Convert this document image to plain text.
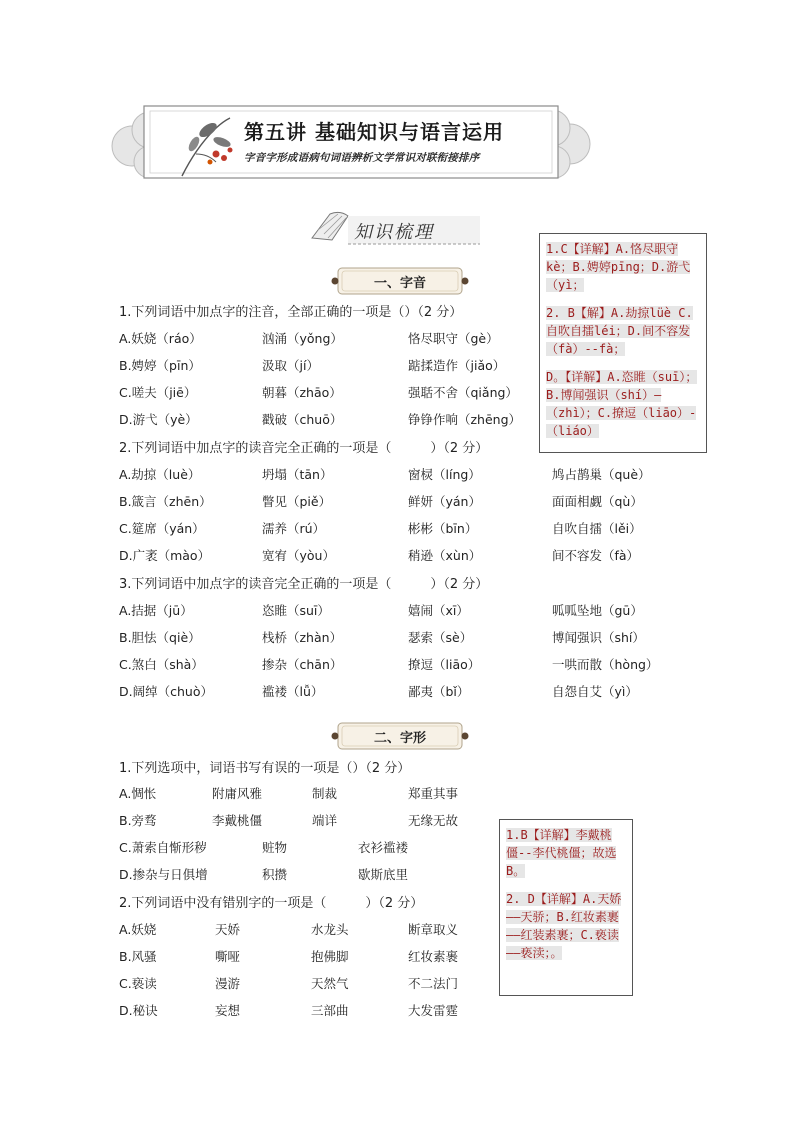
第五讲 基础知识与语言运用
字音字形成语病句词语辨析文学常识对联衔接排序
知识梳理
一、字音
1.下列词语中加点字的注音，全部正确的一项是（）（2 分）
A.妖娆（ráo）	汹涌（yǒng）	恪尽职守（gè）
B.娉婷（pīn）	汲取（jí）	踮揉造作（jiǎo）
C.嗟夫（jiē）	朝暮（zhāo）	强聒不舍（qiǎng）
D.游弋（yè）	戳破（chuō）	铮铮作响（zhēng）
2.下列词语中加点字的读音完全正确的一项是（　　　）（2 分）
A.劫掠（luè）	坍塌（tān）	窗棂（líng）	鸠占鹊巢（què）
B.箴言（zhēn）	瞥见（piě）	鲜妍（yán）	面面相觑（qù）
C.筵席（yán）	濡养（rú）	彬彬（bīn）	自吹自擂（lěi）
D.广袤（mào）	宽宥（yòu）	稍逊（xùn）	间不容发（fà）
3.下列词语中加点字的读音完全正确的一项是（　　　）（2 分）
A.拮据（jū）	恣睢（suī）	嬉闹（xī）	呱呱坠地（gū）
B.胆怯（qiè）	栈桥（zhàn）	瑟索（sè）	博闻强识（shí）
C.煞白（shà）	掺杂（chān）	撩逗（liāo）	一哄而散（hòng）
D.阔绰（chuò）	褴褛（lǚ）	鄙夷（bǐ）	自怨自艾（yì）
二、字形
1.下列选项中，词语书写有误的一项是（）（2 分）
A.惆怅	附庸风雅	制裁	郑重其事
B.旁骛	李戴桃僵	端详	无缘无故
C.萧索自惭形秽	赃物	衣衫褴褛
D.掺杂与日俱增	积攒	歇斯底里
2.下列词语中没有错别字的一项是（　　　）（2 分）
A.妖娆	天娇	水龙头	断章取义
B.风骚	嘶哑	抱佛脚	红妆素裹
C.亵读	漫游	天然气	不二法门
D.秘诀	妄想	三部曲	大发雷霆
1.C【详解】A.恪尽职守kè；B.娉婷pīng；D.游弋（yì；
2. B【解】A.劫掠lüè C.自吹自擂léi；D.间不容发（fà）--fà；
D。【详解】A.恣睢（suī）；B.博闻强识（shí）—（zhì）；C.撩逗（liāo）-（liáo）
1.B【详解】李戴桃僵--李代桃僵；故选 B。
2. D【详解】A.天娇——天骄；B.红妆素裹——红装素裹；C.亵读——亵渎；。
